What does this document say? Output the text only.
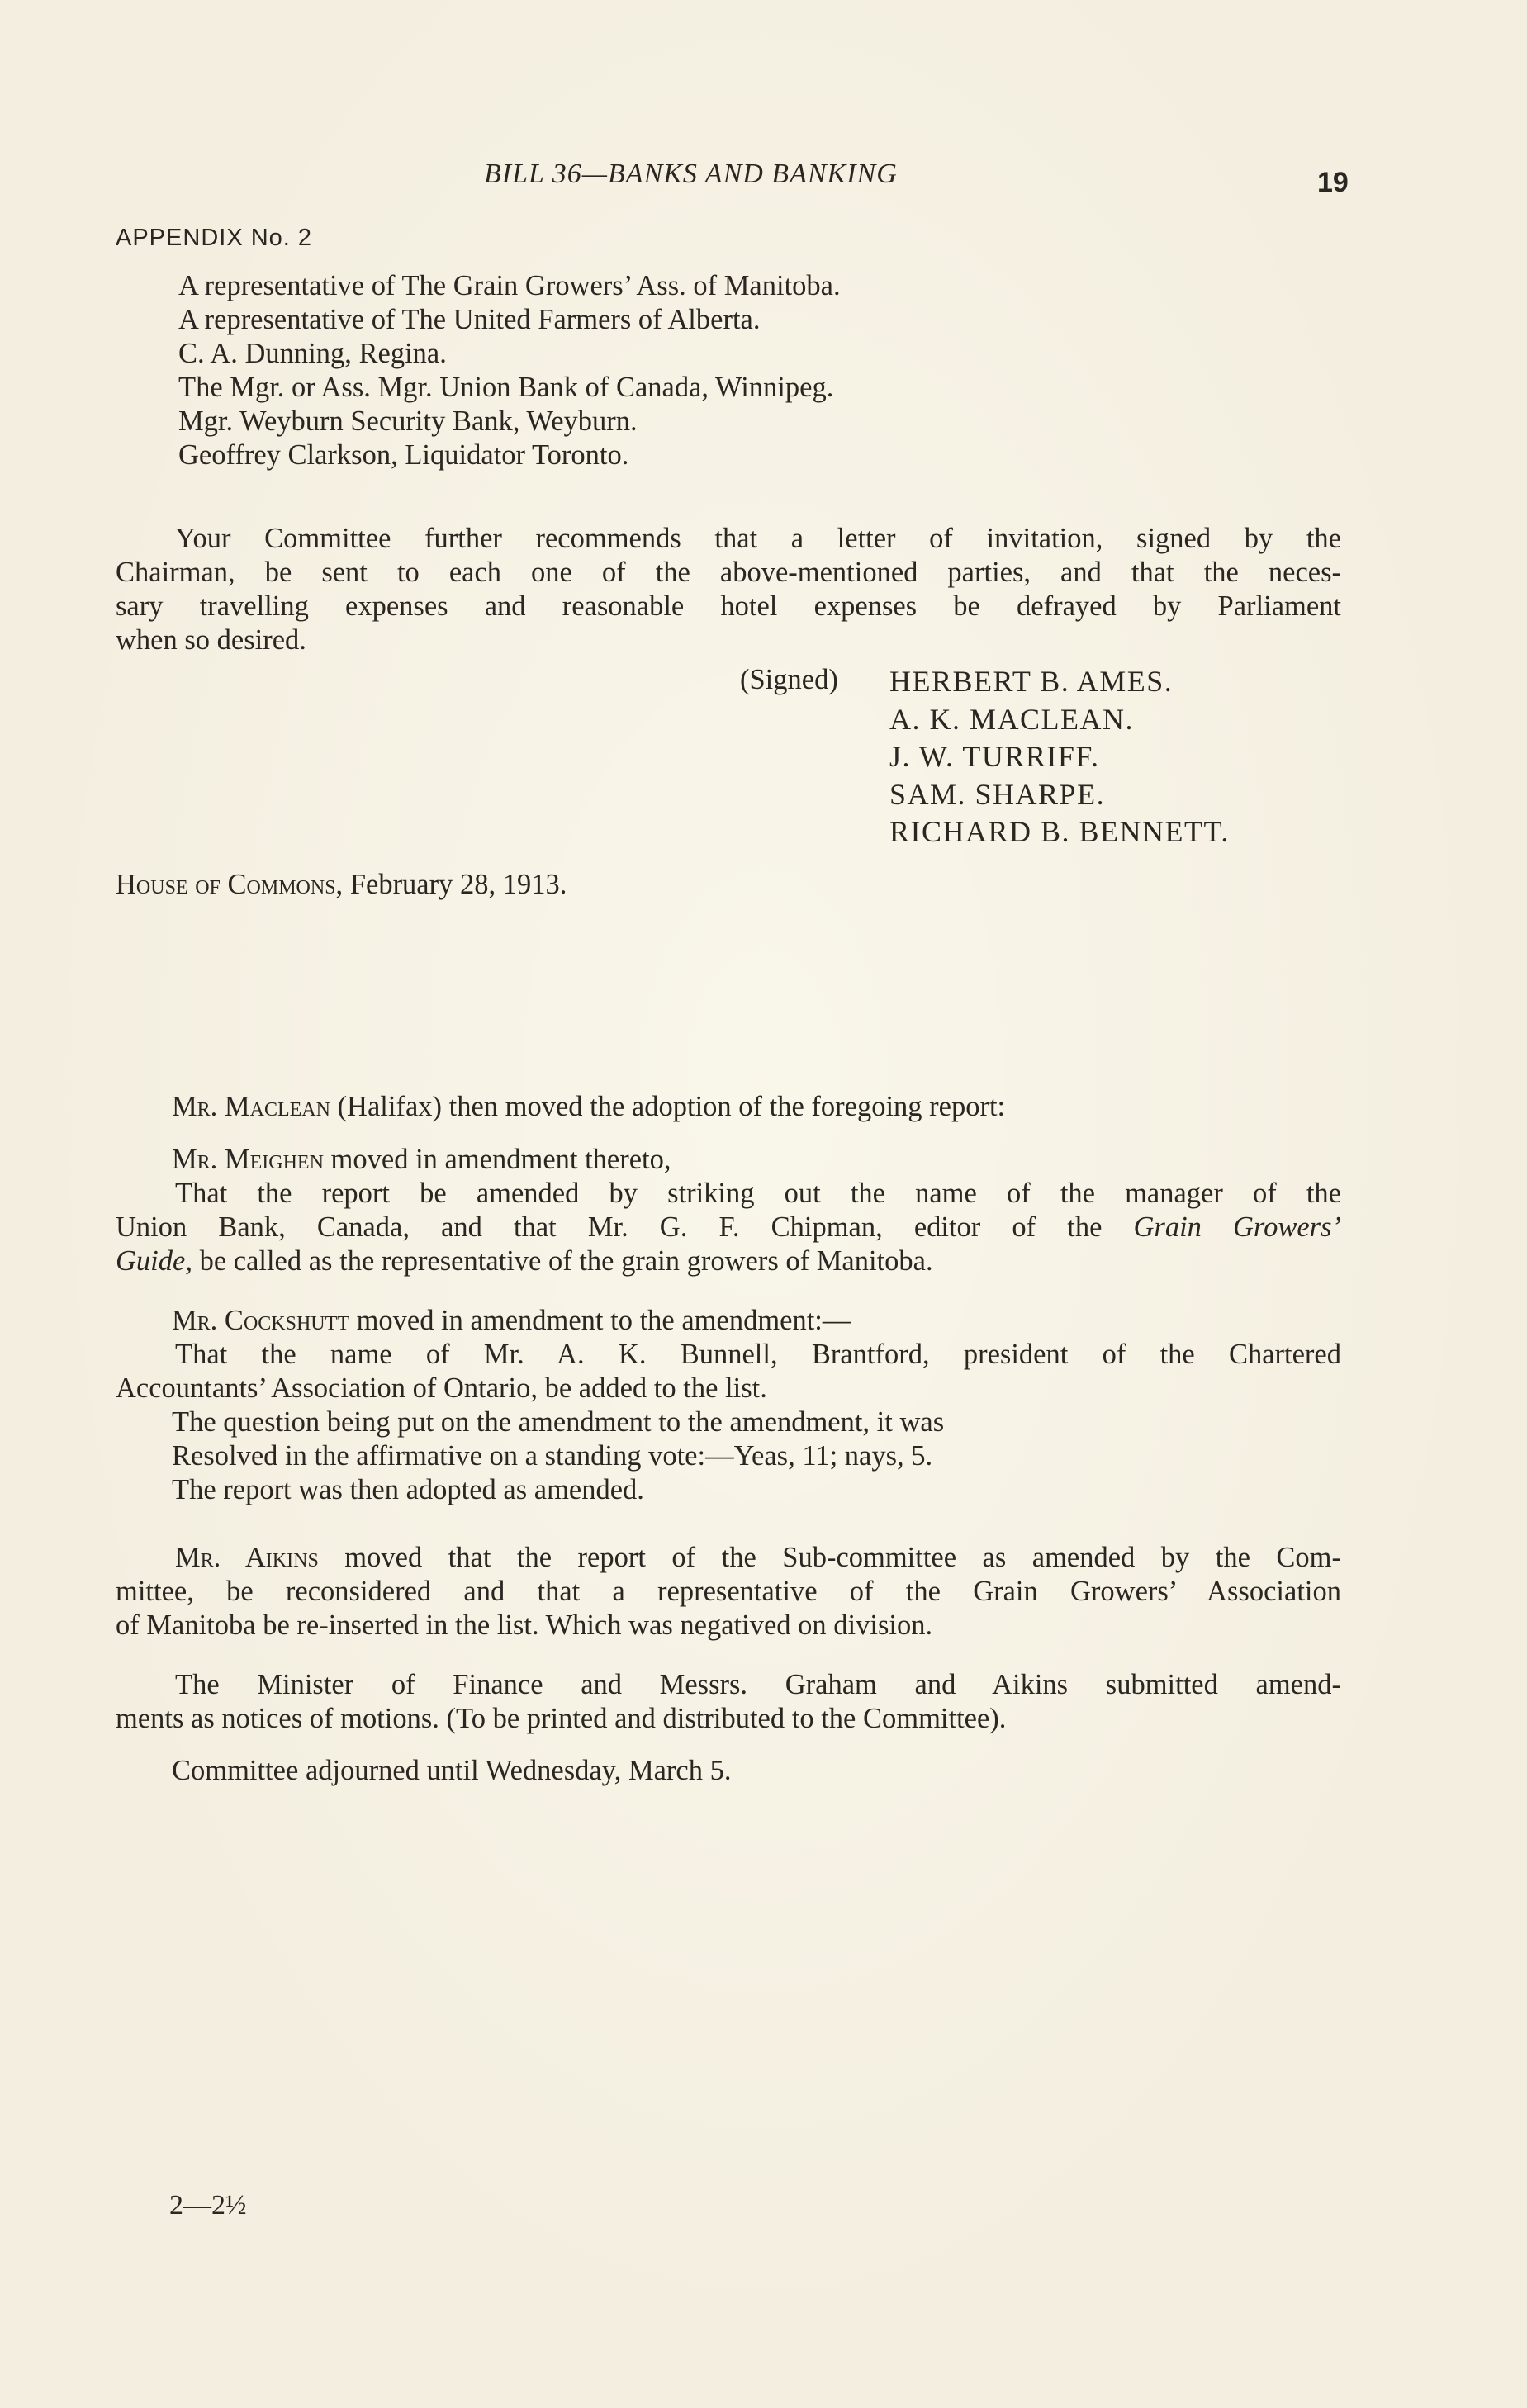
BILL 36—BANKS AND BANKING	19
APPENDIX No. 2
A representative of The Grain Growers’ Ass. of Manitoba.
A representative of The United Farmers of Alberta.
C. A. Dunning, Regina.
The Mgr. or Ass. Mgr. Union Bank of Canada, Winnipeg.
Mgr. Weyburn Security Bank, Weyburn.
Geoffrey Clarkson, Liquidator Toronto.
Your Committee further recommends that a letter of invitation, signed by the
Chairman, be sent to each one of the above-mentioned parties, and that the neces-
sary travelling expenses and reasonable hotel expenses be defrayed by Parliament
when so desired.
(Signed) HERBERT B. AMES.
A. K. MACLEAN.
J. W. TURRIFF.
SAM. SHARPE.
RICHARD B. BENNETT.
House of Commons, February 28, 1913.
Mr. Maclean (Halifax) then moved the adoption of the foregoing report:
Mr. Meighen moved in amendment thereto,
That the report be amended by striking out the name of the manager of the
Union Bank, Canada, and that Mr. G. F. Chipman, editor of the Grain Growers’
Guide, be called as the representative of the grain growers of Manitoba.
Mr. Cockshutt moved in amendment to the amendment:—
That the name of Mr. A. K. Bunnell, Brantford, president of the Chartered
Accountants’ Association of Ontario, be added to the list.
The question being put on the amendment to the amendment, it was
Resolved in the affirmative on a standing vote:—Yeas, 11; nays, 5.
The report was then adopted as amended.
Mr. Aikins moved that the report of the Sub-committee as amended by the Com-
mittee, be reconsidered and that a representative of the Grain Growers’ Association
of Manitoba be re-inserted in the list. Which was negatived on division.
The Minister of Finance and Messrs. Graham and Aikins submitted amend-
ments as notices of motions. (To be printed and distributed to the Committee).
Committee adjourned until Wednesday, March 5.
2—2½
